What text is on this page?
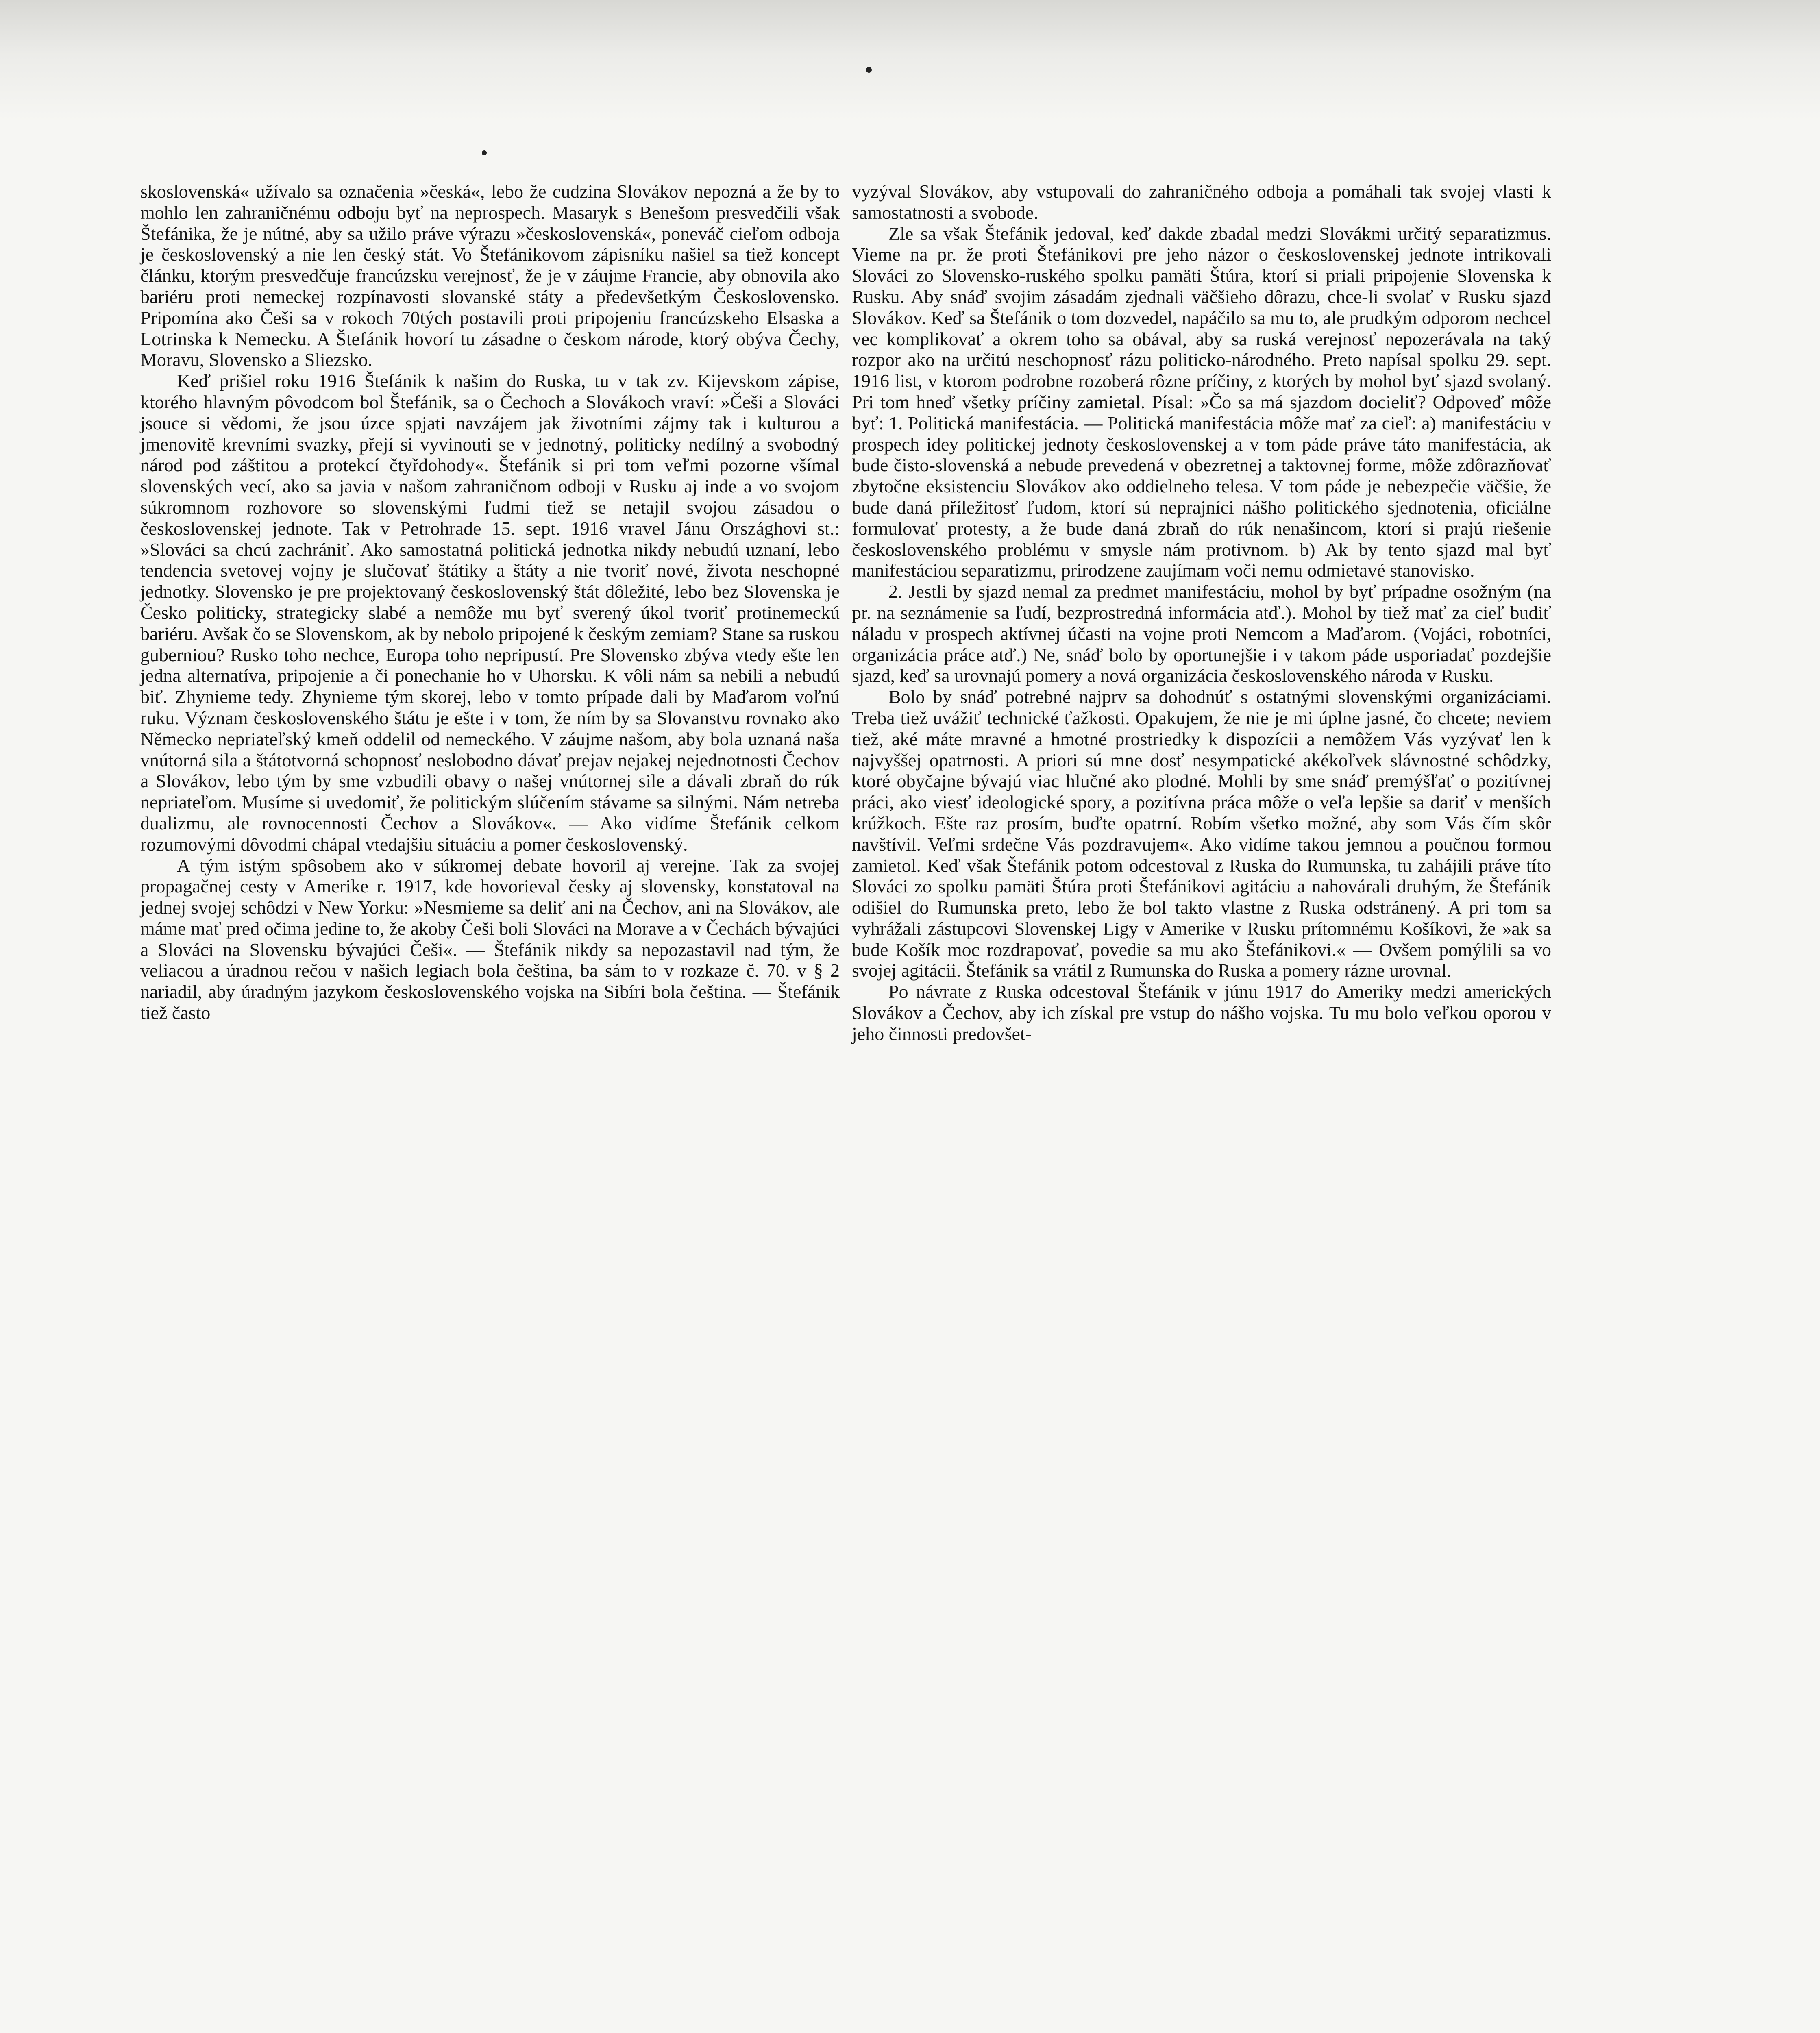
skoslovenská« užívalo sa označenia »česká«, lebo že cudzina Slovákov nepozná a že by to mohlo len zahraničnému odboju byť na neprospech. Masaryk s Benešom presvedčili však Štefánika, že je nútné, aby sa užilo práve výrazu »československá«, poneváč cieľom odboja je československý a nie len český stát. Vo Štefánikovom zápisníku našiel sa tiež koncept článku, ktorým presvedčuje francúzsku verejnosť, že je v záujme Francie, aby obnovila ako bariéru proti nemeckej rozpínavosti slovanské státy a předevšetkým Československo. Pripomína ako Češi sa v rokoch 70tých postavili proti pripojeniu francúzskeho Elsaska a Lotrinska k Nemecku. A Štefánik hovorí tu zásadne o českom národe, ktorý obýva Čechy, Moravu, Slovensko a Sliezsko.

Keď prišiel roku 1916 Štefánik k našim do Ruska, tu v tak zv. Kijevskom zápise, ktorého hlavným pôvodcom bol Štefánik, sa o Čechoch a Slovákoch vraví: »Češi a Slováci jsouce si vědomi, že jsou úzce spjati navzájem jak životními zájmy tak i kulturou a jmenovitě krevními svazky, přejí si vyvinouti se v jednotný, politicky nedílný a svobodný národ pod záštitou a protekcí čtyřdohody«. Štefánik si pri tom veľmi pozorne všímal slovenských vecí, ako sa javia v našom zahraničnom odboji v Rusku aj inde a vo svojom súkromnom rozhovore so slovenskými ľudmi tiež se netajil svojou zásadou o československej jednote. Tak v Petrohrade 15. sept. 1916 vravel Jánu Országhovi st.: »Slováci sa chcú zachrániť. Ako samostatná politická jednotka nikdy nebudú uznaní, lebo tendencia svetovej vojny je slučovať štátiky a štáty a nie tvoriť nové, života neschopné jednotky. Slovensko je pre projektovaný československý štát dôležité, lebo bez Slovenska je Česko politicky, strategicky slabé a nemôže mu byť sverený úkol tvoriť protinemeckú bariéru. Avšak čo se Slovenskom, ak by nebolo pripojené k českým zemiam? Stane sa ruskou guberniou? Rusko toho nechce, Europa toho nepripustí. Pre Slovensko zbýva vtedy ešte len jedna alternatíva, pripojenie a či ponechanie ho v Uhorsku. K vôli nám sa nebili a nebudú biť. Zhynieme tedy. Zhynieme tým skorej, lebo v tomto prípade dali by Maďarom voľnú ruku. Význam československého štátu je ešte i v tom, že ním by sa Slovanstvu rovnako ako Německo nepriateľský kmeň oddelil od nemeckého. V záujme našom, aby bola uznaná naša vnútorná sila a štátotvorná schopnosť neslobodno dávať prejav nejakej nejednotnosti Čechov a Slovákov, lebo tým by sme vzbudili obavy o našej vnútornej sile a dávali zbraň do rúk nepriateľom. Musíme si uvedomiť, že politickým slúčením stávame sa silnými. Nám netreba dualizmu, ale rovnocennosti Čechov a Slovákov«. — Ako vidíme Štefánik celkom rozumovými dôvodmi chápal vtedajšiu situáciu a pomer československý.

A tým istým spôsobem ako v súkromej debate hovoril aj verejne. Tak za svojej propagačnej cesty v Amerike r. 1917, kde hovorieval česky aj slovensky, konstatoval na jednej svojej schôdzi v New Yorku: »Nesmieme sa deliť ani na Čechov, ani na Slovákov, ale máme mať pred očima jedine to, že akoby Češi boli Slováci na Morave a v Čechách bývajúci a Slováci na Slovensku bývajúci Češi«. — Štefánik nikdy sa nepozastavil nad tým, že veliacou a úradnou rečou v našich legiach bola čeština, ba sám to v rozkaze č. 70. v § 2 nariadil, aby úradným jazykom československého vojska na Sibíri bola čeština. — Štefánik tiež často

vyzýval Slovákov, aby vstupovali do zahraničného odboja a pomáhali tak svojej vlasti k samostatnosti a svobode.

Zle sa však Štefánik jedoval, keď dakde zbadal medzi Slovákmi určitý separatizmus. Vieme na pr. že proti Štefánikovi pre jeho názor o československej jednote intrikovali Slováci zo Slovensko-ruského spolku pamäti Štúra, ktorí si priali pripojenie Slovenska k Rusku. Aby snáď svojim zásadám zjednali väčšieho dôrazu, chce-li svolať v Rusku sjazd Slovákov. Keď sa Štefánik o tom dozvedel, napáčilo sa mu to, ale prudkým odporom nechcel vec komplikovať a okrem toho sa obával, aby sa ruská verejnosť nepozerávala na taký rozpor ako na určitú neschopnosť rázu politicko-národného. Preto napísal spolku 29. sept. 1916 list, v ktorom podrobne rozoberá rôzne príčiny, z ktorých by mohol byť sjazd svolaný. Pri tom hneď všetky príčiny zamietal. Písal: »Čo sa má sjazdom docieliť? Odpoveď môže byť: 1. Politická manifestácia. — Politická manifestácia môže mať za cieľ: a) manifestáciu v prospech idey politickej jednoty československej a v tom páde práve táto manifestácia, ak bude čisto-slovenská a nebude prevedená v obezretnej a taktovnej forme, môže zdôrazňovať zbytočne eksistenciu Slovákov ako oddielneho telesa. V tom páde je nebezpečie väčšie, že bude daná příležitosť ľudom, ktorí sú neprajníci nášho politického sjednotenia, oficiálne formulovať protesty, a že bude daná zbraň do rúk nenašincom, ktorí si prajú riešenie československého problému v smysle nám protivnom. b) Ak by tento sjazd mal byť manifestáciou separatizmu, prirodzene zaujímam voči nemu odmietavé stanovisko.

2. Jestli by sjazd nemal za predmet manifestáciu, mohol by byť prípadne osožným (na pr. na seznámenie sa ľudí, bezprostredná informácia atď.). Mohol by tiež mať za cieľ budiť náladu v prospech aktívnej účasti na vojne proti Nemcom a Maďarom. (Vojáci, robotníci, organizácia práce atď.) Ne, snáď bolo by oportunejšie i v takom páde usporiadať pozdejšie sjazd, keď sa urovnajú pomery a nová organizácia československého národa v Rusku.

Bolo by snáď potrebné najprv sa dohodnúť s ostatnými slovenskými organizáciami. Treba tiež uvážiť technické ťažkosti. Opakujem, že nie je mi úplne jasné, čo chcete; neviem tiež, aké máte mravné a hmotné prostriedky k dispozícii a nemôžem Vás vyzývať len k najvyššej opatrnosti. A priori sú mne dosť nesympatické akékoľvek slávnostné schôdzky, ktoré obyčajne bývajú viac hlučné ako plodné. Mohli by sme snáď premýšľať o pozitívnej práci, ako viesť ideologické spory, a pozitívna práca môže o veľa lepšie sa dariť v menších krúžkoch. Ešte raz prosím, buďte opatrní. Robím všetko možné, aby som Vás čím skôr navštívil. Veľmi srdečne Vás pozdravujem«. Ako vidíme takou jemnou a poučnou formou zamietol. Keď však Štefánik potom odcestoval z Ruska do Rumunska, tu zahájili práve títo Slováci zo spolku pamäti Štúra proti Štefánikovi agitáciu a nahovárali druhým, že Štefánik odišiel do Rumunska preto, lebo že bol takto vlastne z Ruska odstránený. A pri tom sa vyhrážali zástupcovi Slovenskej Ligy v Amerike v Rusku prítomnému Košíkovi, že »ak sa bude Košík moc rozdrapovať, povedie sa mu ako Štefánikovi.« — Ovšem pomýlili sa vo svojej agitácii. Štefánik sa vrátil z Rumunska do Ruska a pomery rázne urovnal.

Po návrate z Ruska odcestoval Štefánik v júnu 1917 do Ameriky medzi amerických Slovákov a Čechov, aby ich získal pre vstup do nášho vojska. Tu mu bolo veľkou oporou v jeho činnosti predovšet-
